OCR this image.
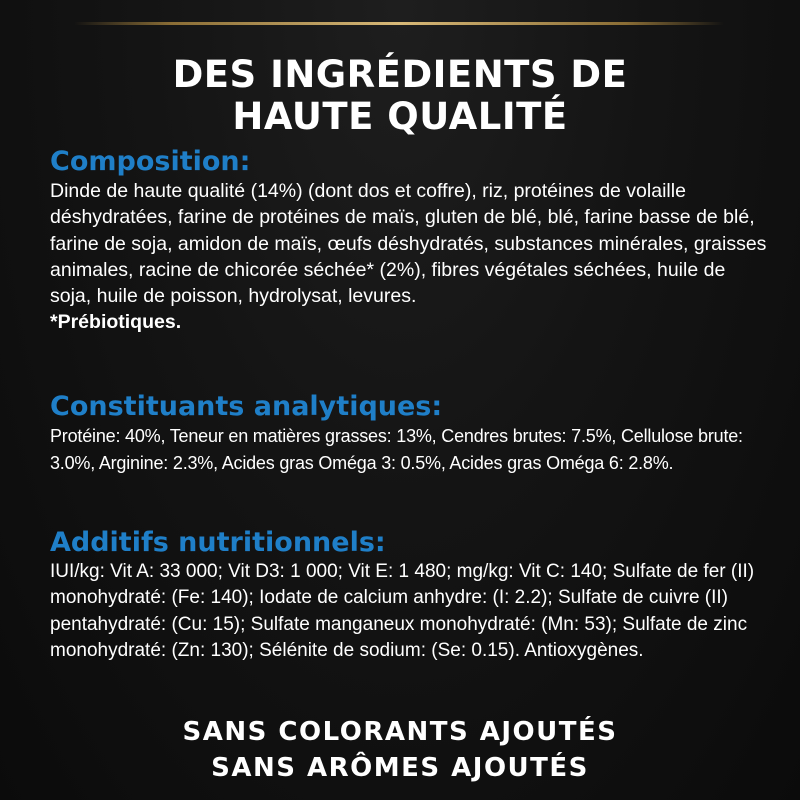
DES INGRÉDIENTS DE
HAUTE QUALITÉ
Composition:

Dinde de haute qualité (14%) (dont dos et coffre), riz, protéines de volaille déshydratées, farine de protéines de maïs, gluten de blé, blé, farine basse de blé, farine de soja, amidon de maïs, œufs déshydratés, substances minérales, graisses animales, racine de chicorée séchée* (2%), fibres végétales séchées, huile de soja, huile de poisson, hydrolysat, levures.

*Prébiotiques.

Constituants analytiques:

Protéine: 40%, Teneur en matières grasses: 13%, Cendres brutes: 7.5%, Cellulose brute: 3.0%, Arginine: 2.3%, Acides gras Oméga 3: 0.5%, Acides gras Oméga 6: 2.8%.

Additifs nutritionnels:

IUI/kg: Vit A: 33 000; Vit D3: 1 000; Vit E: 1 480; mg/kg: Vit C: 140; Sulfate de fer (II) monohydraté: (Fe: 140); Iodate de calcium anhydre: (I: 2.2); Sulfate de cuivre (II) pentahydraté: (Cu: 15); Sulfate manganeux monohydraté: (Mn: 53); Sulfate de zinc monohydraté: (Zn: 130); Sélénite de sodium: (Se: 0.15). Antioxygènes.

SANS COLORANTS AJOUTÉS
SANS ARÔMES AJOUTÉS
